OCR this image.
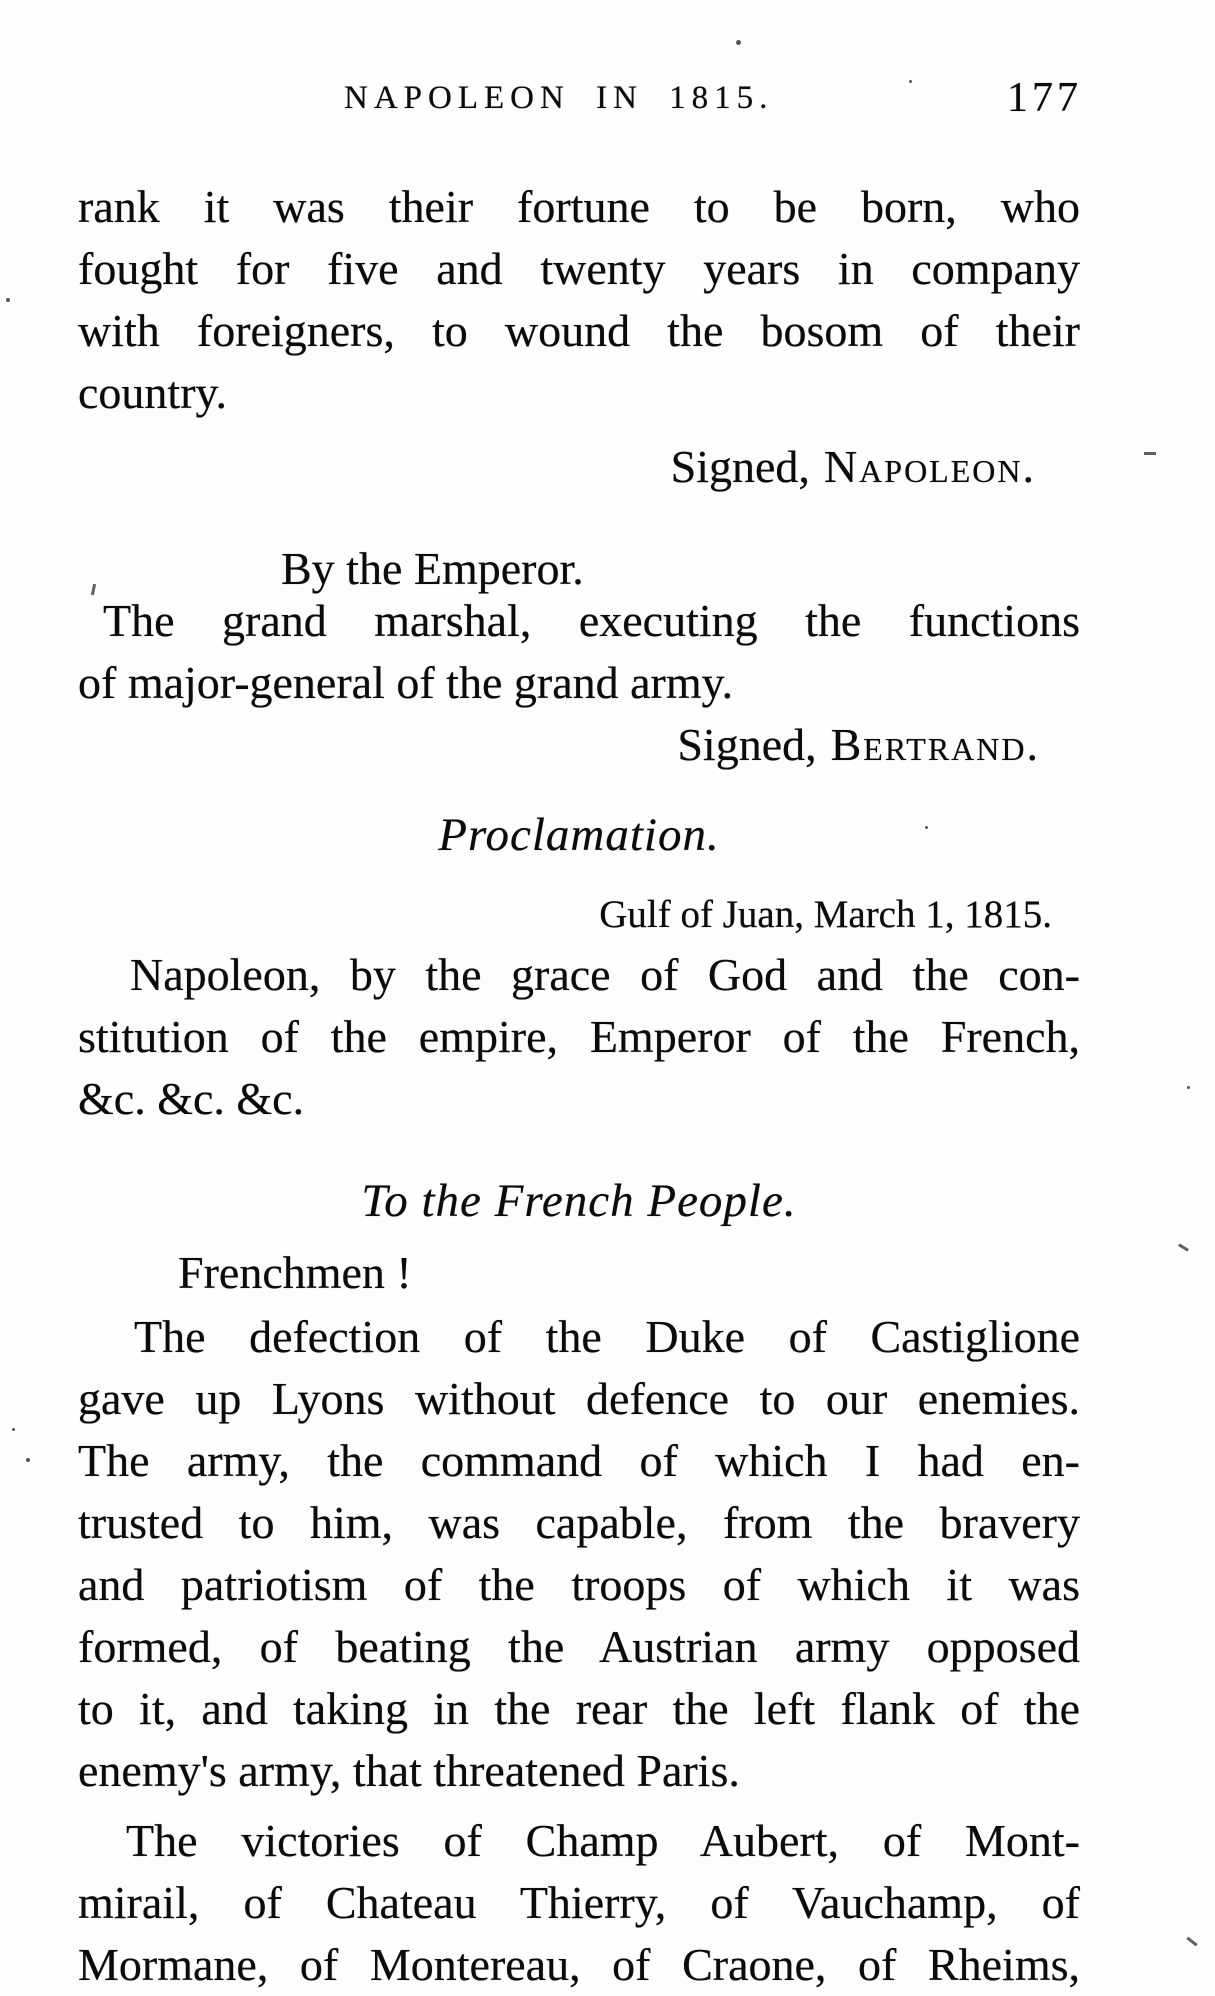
NAPOLEON IN 1815.	177
rank it was their fortune to be born, who
fought for five and twenty years in company
with foreigners, to wound the bosom of their
country.
Signed, Napoleon.
By the Emperor.
The grand marshal, executing the functions
of major-general of the grand army.
Signed, Bertrand.
Proclamation.
Gulf of Juan, March 1, 1815.
Napoleon, by the grace of God and the con-
stitution of the empire, Emperor of the French,
&c. &c. &c.
To the French People.
Frenchmen !
The defection of the Duke of Castiglione
gave up Lyons without defence to our enemies.
The army, the command of which I had en-
trusted to him, was capable, from the bravery
and patriotism of the troops of which it was
formed, of beating the Austrian army opposed
to it, and taking in the rear the left flank of the
enemy's army, that threatened Paris.
The victories of Champ Aubert, of Mont-
mirail, of Chateau Thierry, of Vauchamp, of
Mormane, of Montereau, of Craone, of Rheims,
